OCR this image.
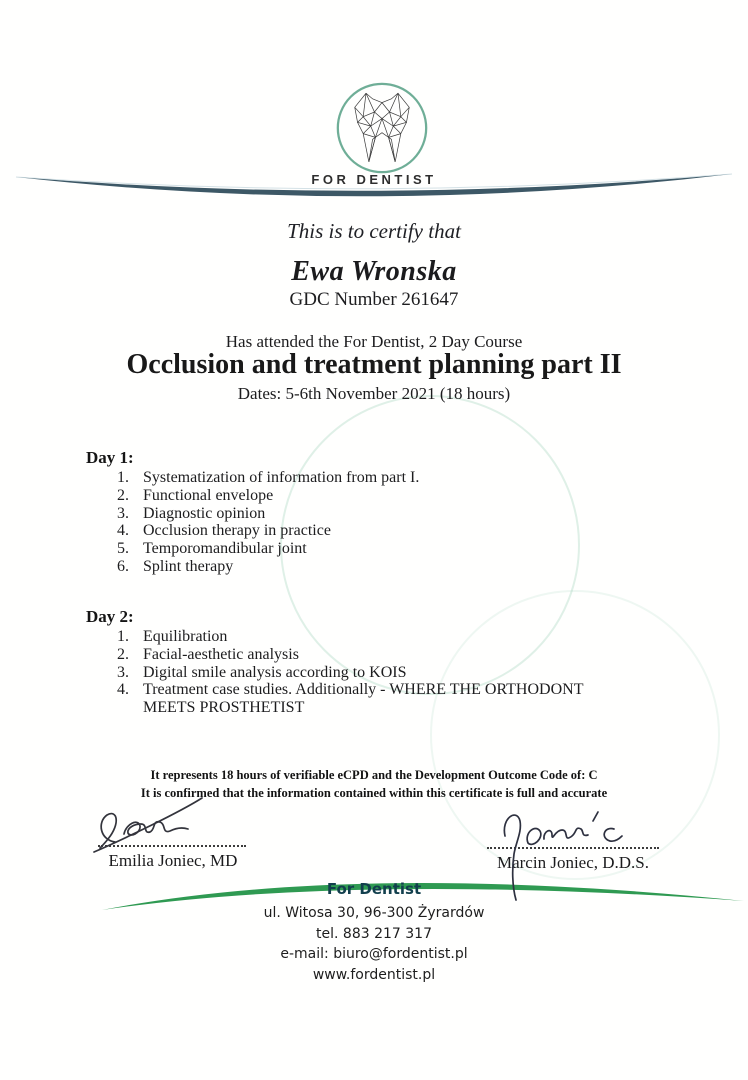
FOR DENTIST
This is to certify that
Ewa Wronska
GDC Number 261647
Has attended the For Dentist, 2 Day Course
Occlusion and treatment planning part II
Dates: 5-6th November 2021 (18 hours)
Day 1:
1. Systematization of information from part I.
2. Functional envelope
3. Diagnostic opinion
4. Occlusion therapy in practice
5. Temporomandibular joint
6. Splint therapy
Day 2:
1. Equilibration
2. Facial-aesthetic analysis
3. Digital smile analysis according to KOIS
4. Treatment case studies. Additionally - WHERE THE ORTHODONT MEETS PROSTHETIST
It represents 18 hours of verifiable eCPD and the Development Outcome Code of: C
It is confirmed that the information contained within this certificate is full and accurate
Emilia Joniec, MD	Marcin Joniec, D.D.S.
For Dentist
ul. Witosa 30, 96-300 Żyrardów
tel. 883 217 317
e-mail: biuro@fordentist.pl
www.fordentist.pl
